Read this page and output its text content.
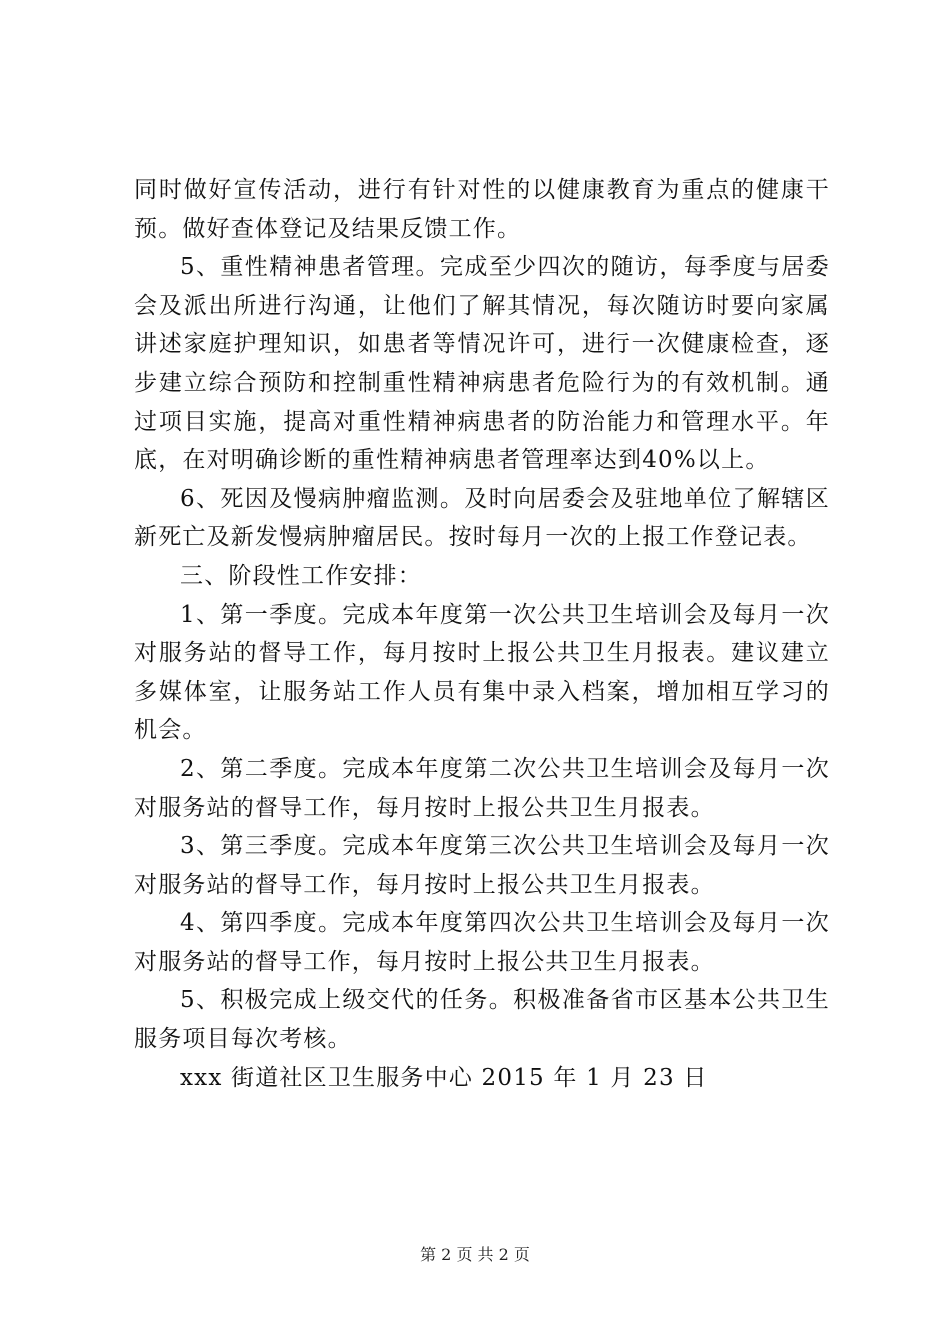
同时做好宣传活动，进行有针对性的以健康教育为重点的健康干预。做好查体登记及结果反馈工作。

5、重性精神患者管理。完成至少四次的随访，每季度与居委会及派出所进行沟通，让他们了解其情况，每次随访时要向家属讲述家庭护理知识，如患者等情况许可，进行一次健康检查，逐步建立综合预防和控制重性精神病患者危险行为的有效机制。通过项目实施，提高对重性精神病患者的防治能力和管理水平。年底，在对明确诊断的重性精神病患者管理率达到40%以上。

6、死因及慢病肿瘤监测。及时向居委会及驻地单位了解辖区新死亡及新发慢病肿瘤居民。按时每月一次的上报工作登记表。

三、阶段性工作安排：

1、第一季度。完成本年度第一次公共卫生培训会及每月一次对服务站的督导工作，每月按时上报公共卫生月报表。建议建立多媒体室，让服务站工作人员有集中录入档案，增加相互学习的机会。

2、第二季度。完成本年度第二次公共卫生培训会及每月一次对服务站的督导工作，每月按时上报公共卫生月报表。

3、第三季度。完成本年度第三次公共卫生培训会及每月一次对服务站的督导工作，每月按时上报公共卫生月报表。

4、第四季度。完成本年度第四次公共卫生培训会及每月一次对服务站的督导工作，每月按时上报公共卫生月报表。

5、积极完成上级交代的任务。积极准备省市区基本公共卫生服务项目每次考核。

xxx 街道社区卫生服务中心 2015 年 1 月 23 日

第 2 页 共 2 页
